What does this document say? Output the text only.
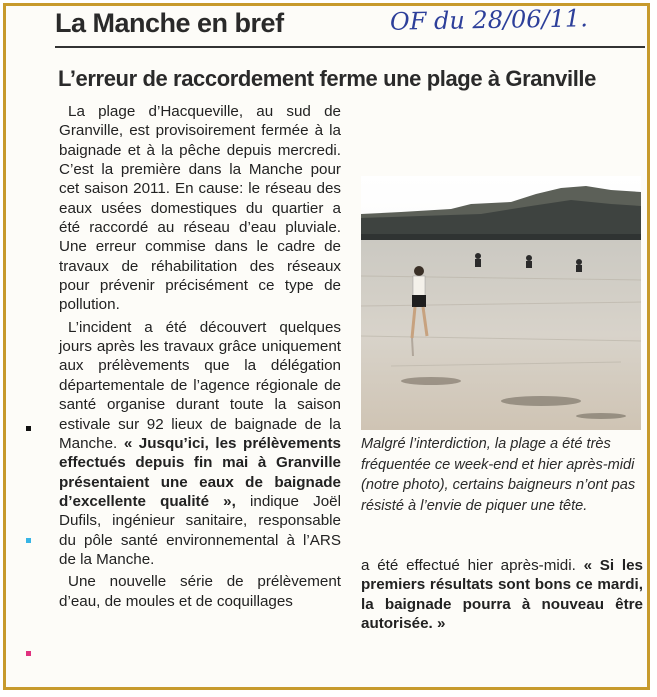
La Manche en bref	OF du 28/06/11.
L’erreur de raccordement ferme une plage à Granville

La plage d’Hacqueville, au sud de Granville, est provisoirement fermée à la baignade et à la pêche depuis mercredi. C’est la première dans la Manche pour cet saison 2011. En cause: le réseau des eaux usées domestiques du quartier a été raccordé au réseau d’eau pluviale. Une erreur commise dans le cadre de travaux de réhabilitation des réseaux pour prévenir précisément ce type de pollution.

L’incident a été découvert quelques jours après les travaux grâce uniquement aux prélèvements que la délégation départementale de l’agence régionale de santé organise durant toute la saison estivale sur 92 lieux de baignade de la Manche. « Jusqu’ici, les prélèvements effectués depuis fin mai à Granville présentaient une eaux de baignade d’excellente qualité », indique Joël Dufils, ingénieur sanitaire, responsable du pôle santé environnemental à l’ARS de la Manche.

Une nouvelle série de prélèvement d’eau, de moules et de coquillages

Malgré l’interdiction, la plage a été très fréquentée ce week-end et hier après-midi (notre photo), certains baigneurs n’ont pas résisté à l’envie de piquer une tête.

a été effectué hier après-midi. « Si les premiers résultats sont bons ce mardi, la baignade pourra à nouveau être autorisée. »
